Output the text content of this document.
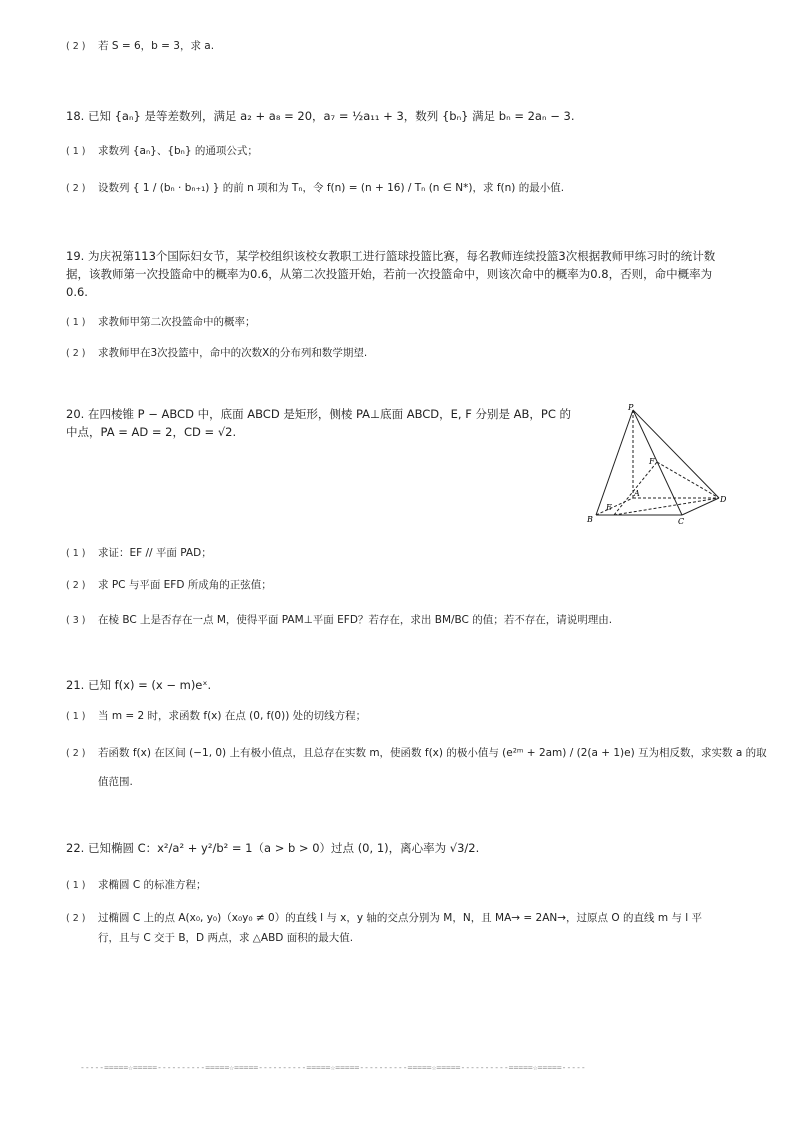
( 2 ) 若 S = 6，b = 3，求 a.
18. 已知 {aₙ} 是等差数列，满足 a₂ + a₈ = 20，a₇ = ½a₁₁ + 3，数列 {bₙ} 满足 bₙ = 2aₙ − 3.
( 1 ) 求数列 {aₙ}、{bₙ} 的通项公式；
( 2 ) 设数列 { 1 / (bₙ · bₙ₊₁) } 的前 n 项和为 Tₙ，令 f(n) = (n + 16) / Tₙ (n ∈ N*)，求 f(n) 的最小值.
19. 为庆祝第113个国际妇女节，某学校组织该校女教职工进行篮球投篮比赛，每名教师连续投篮3次根据教师甲练习时的统计数
据，该教师第一次投篮命中的概率为0.6，从第二次投篮开始，若前一次投篮命中，则该次命中的概率为0.8，否则，命中概率为
0.6.
( 1 ) 求教师甲第二次投篮命中的概率；
( 2 ) 求教师甲在3次投篮中，命中的次数X的分布列和数学期望.
20. 在四棱锥 P − ABCD 中，底面 ABCD 是矩形，侧棱 PA⊥底面 ABCD，E, F 分别是 AB，PC 的
中点，PA = AD = 2，CD = √2.
P
A
B	C
D
E
F
( 1 ) 求证：EF // 平面 PAD；
( 2 ) 求 PC 与平面 EFD 所成角的正弦值；
( 3 ) 在棱 BC 上是否存在一点 M，使得平面 PAM⊥平面 EFD？若存在，求出 BM/BC 的值；若不存在，请说明理由.
21. 已知 f(x) = (x − m)eˣ.
( 1 ) 当 m = 2 时，求函数 f(x) 在点 (0, f(0)) 处的切线方程；
( 2 ) 若函数 f(x) 在区间 (−1, 0) 上有极小值点，且总存在实数 m，使函数 f(x) 的极小值与 (e²ᵐ + 2am) / (2(a + 1)e) 互为相反数，求实数 a 的取
值范围.
22. 已知椭圆 C：x²/a² + y²/b² = 1（a > b > 0）过点 (0, 1)，离心率为 √3/2.
( 1 ) 求椭圆 C 的标准方程；
( 2 ) 过椭圆 C 上的点 A(x₀, y₀)（x₀y₀ ≠ 0）的直线 l 与 x，y 轴的交点分别为 M，N，且 MA→ = 2AN→，过原点 O 的直线 m 与 l 平
行，且与 C 交于 B，D 两点，求 △ABD 面积的最大值.
-----=====☆=====----------=====☆=====----------=====☆=====----------=====☆=====----------=====☆=====-----
